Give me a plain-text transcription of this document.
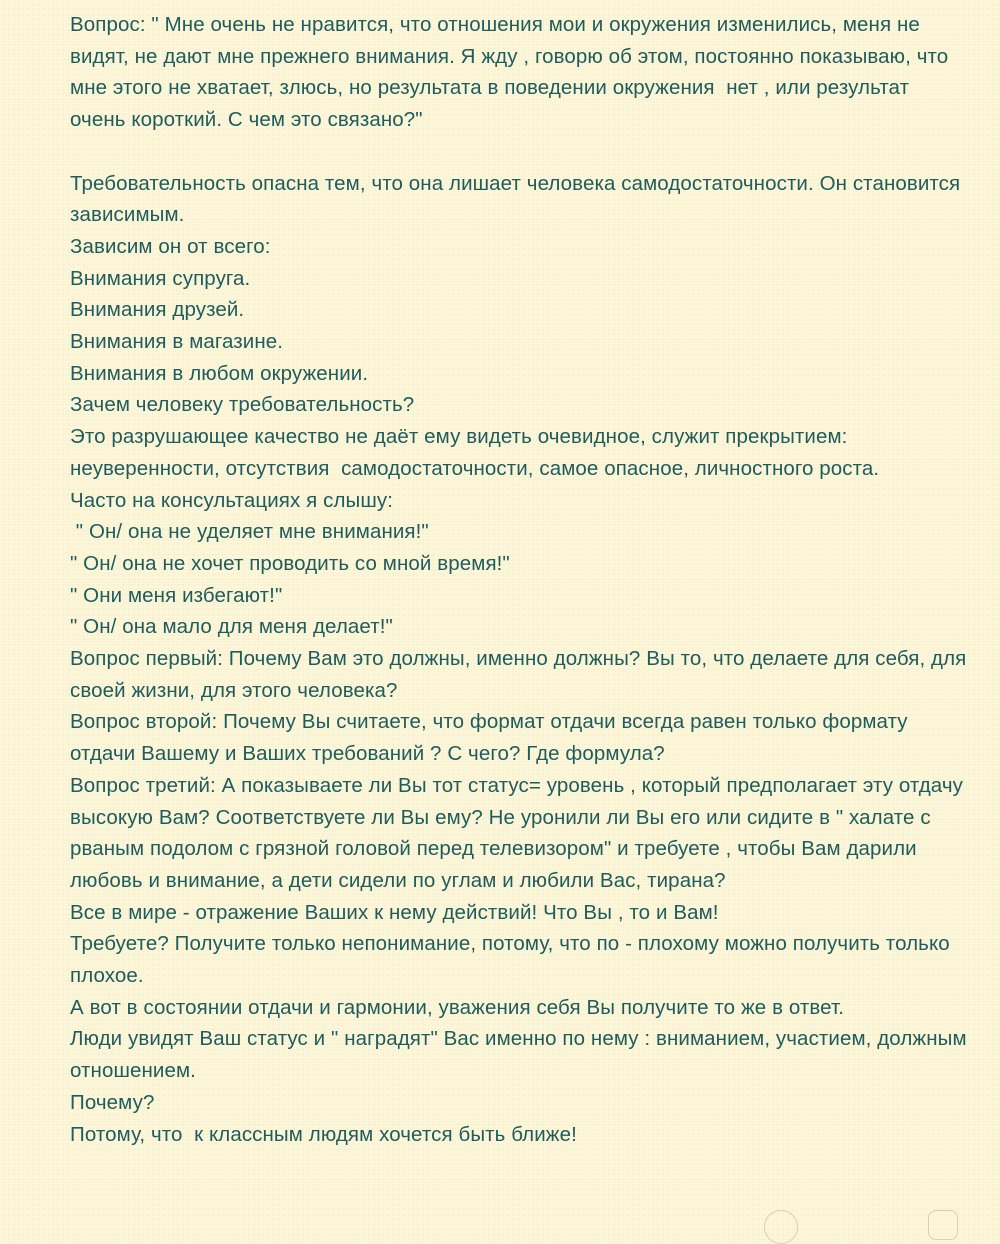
Вопрос: " Мне очень не нравится, что отношения мои и окружения изменились, меня не видят, не дают мне прежнего внимания. Я жду , говорю об этом, постоянно показываю, что мне этого не хватает, злюсь, но результата в поведении окружения  нет , или результат очень короткий. С чем это связано?"

Требовательность опасна тем, что она лишает человека самодостаточности. Он становится зависимым.

Зависим он от всего:

Внимания супруга.

Внимания друзей.

Внимания в магазине.

Внимания в любом окружении.

Зачем человеку требовательность?

Это разрушающее качество не даёт ему видеть очевидное, служит прекрытием: неуверенности, отсутствия  самодостаточности, самое опасное, личностного роста.

Часто на консультациях я слышу:

" Он/ она не уделяет мне внимания!"

" Он/ она не хочет проводить со мной время!"

" Они меня избегают!"

" Он/ она мало для меня делает!"

Вопрос первый: Почему Вам это должны, именно должны? Вы то, что делаете для себя, для своей жизни, для этого человека?

Вопрос второй: Почему Вы считаете, что формат отдачи всегда равен только формату отдачи Вашему и Ваших требований ? С чего? Где формула?

Вопрос третий: А показываете ли Вы тот статус= уровень , который предполагает эту отдачу высокую Вам? Соответствуете ли Вы ему? Не уронили ли Вы его или сидите в " халате с рваным подолом с грязной головой перед телевизором" и требуете , чтобы Вам дарили любовь и внимание, а дети сидели по углам и любили Вас, тирана?

Все в мире - отражение Ваших к нему действий! Что Вы , то и Вам!

Требуете? Получите только непонимание, потому, что по - плохому можно получить только плохое.

А вот в состоянии отдачи и гармонии, уважения себя Вы получите то же в ответ.

Люди увидят Ваш статус и " наградят" Вас именно по нему : вниманием, участием, должным отношением.

Почему?

Потому, что  к классным людям хочется быть ближе!
